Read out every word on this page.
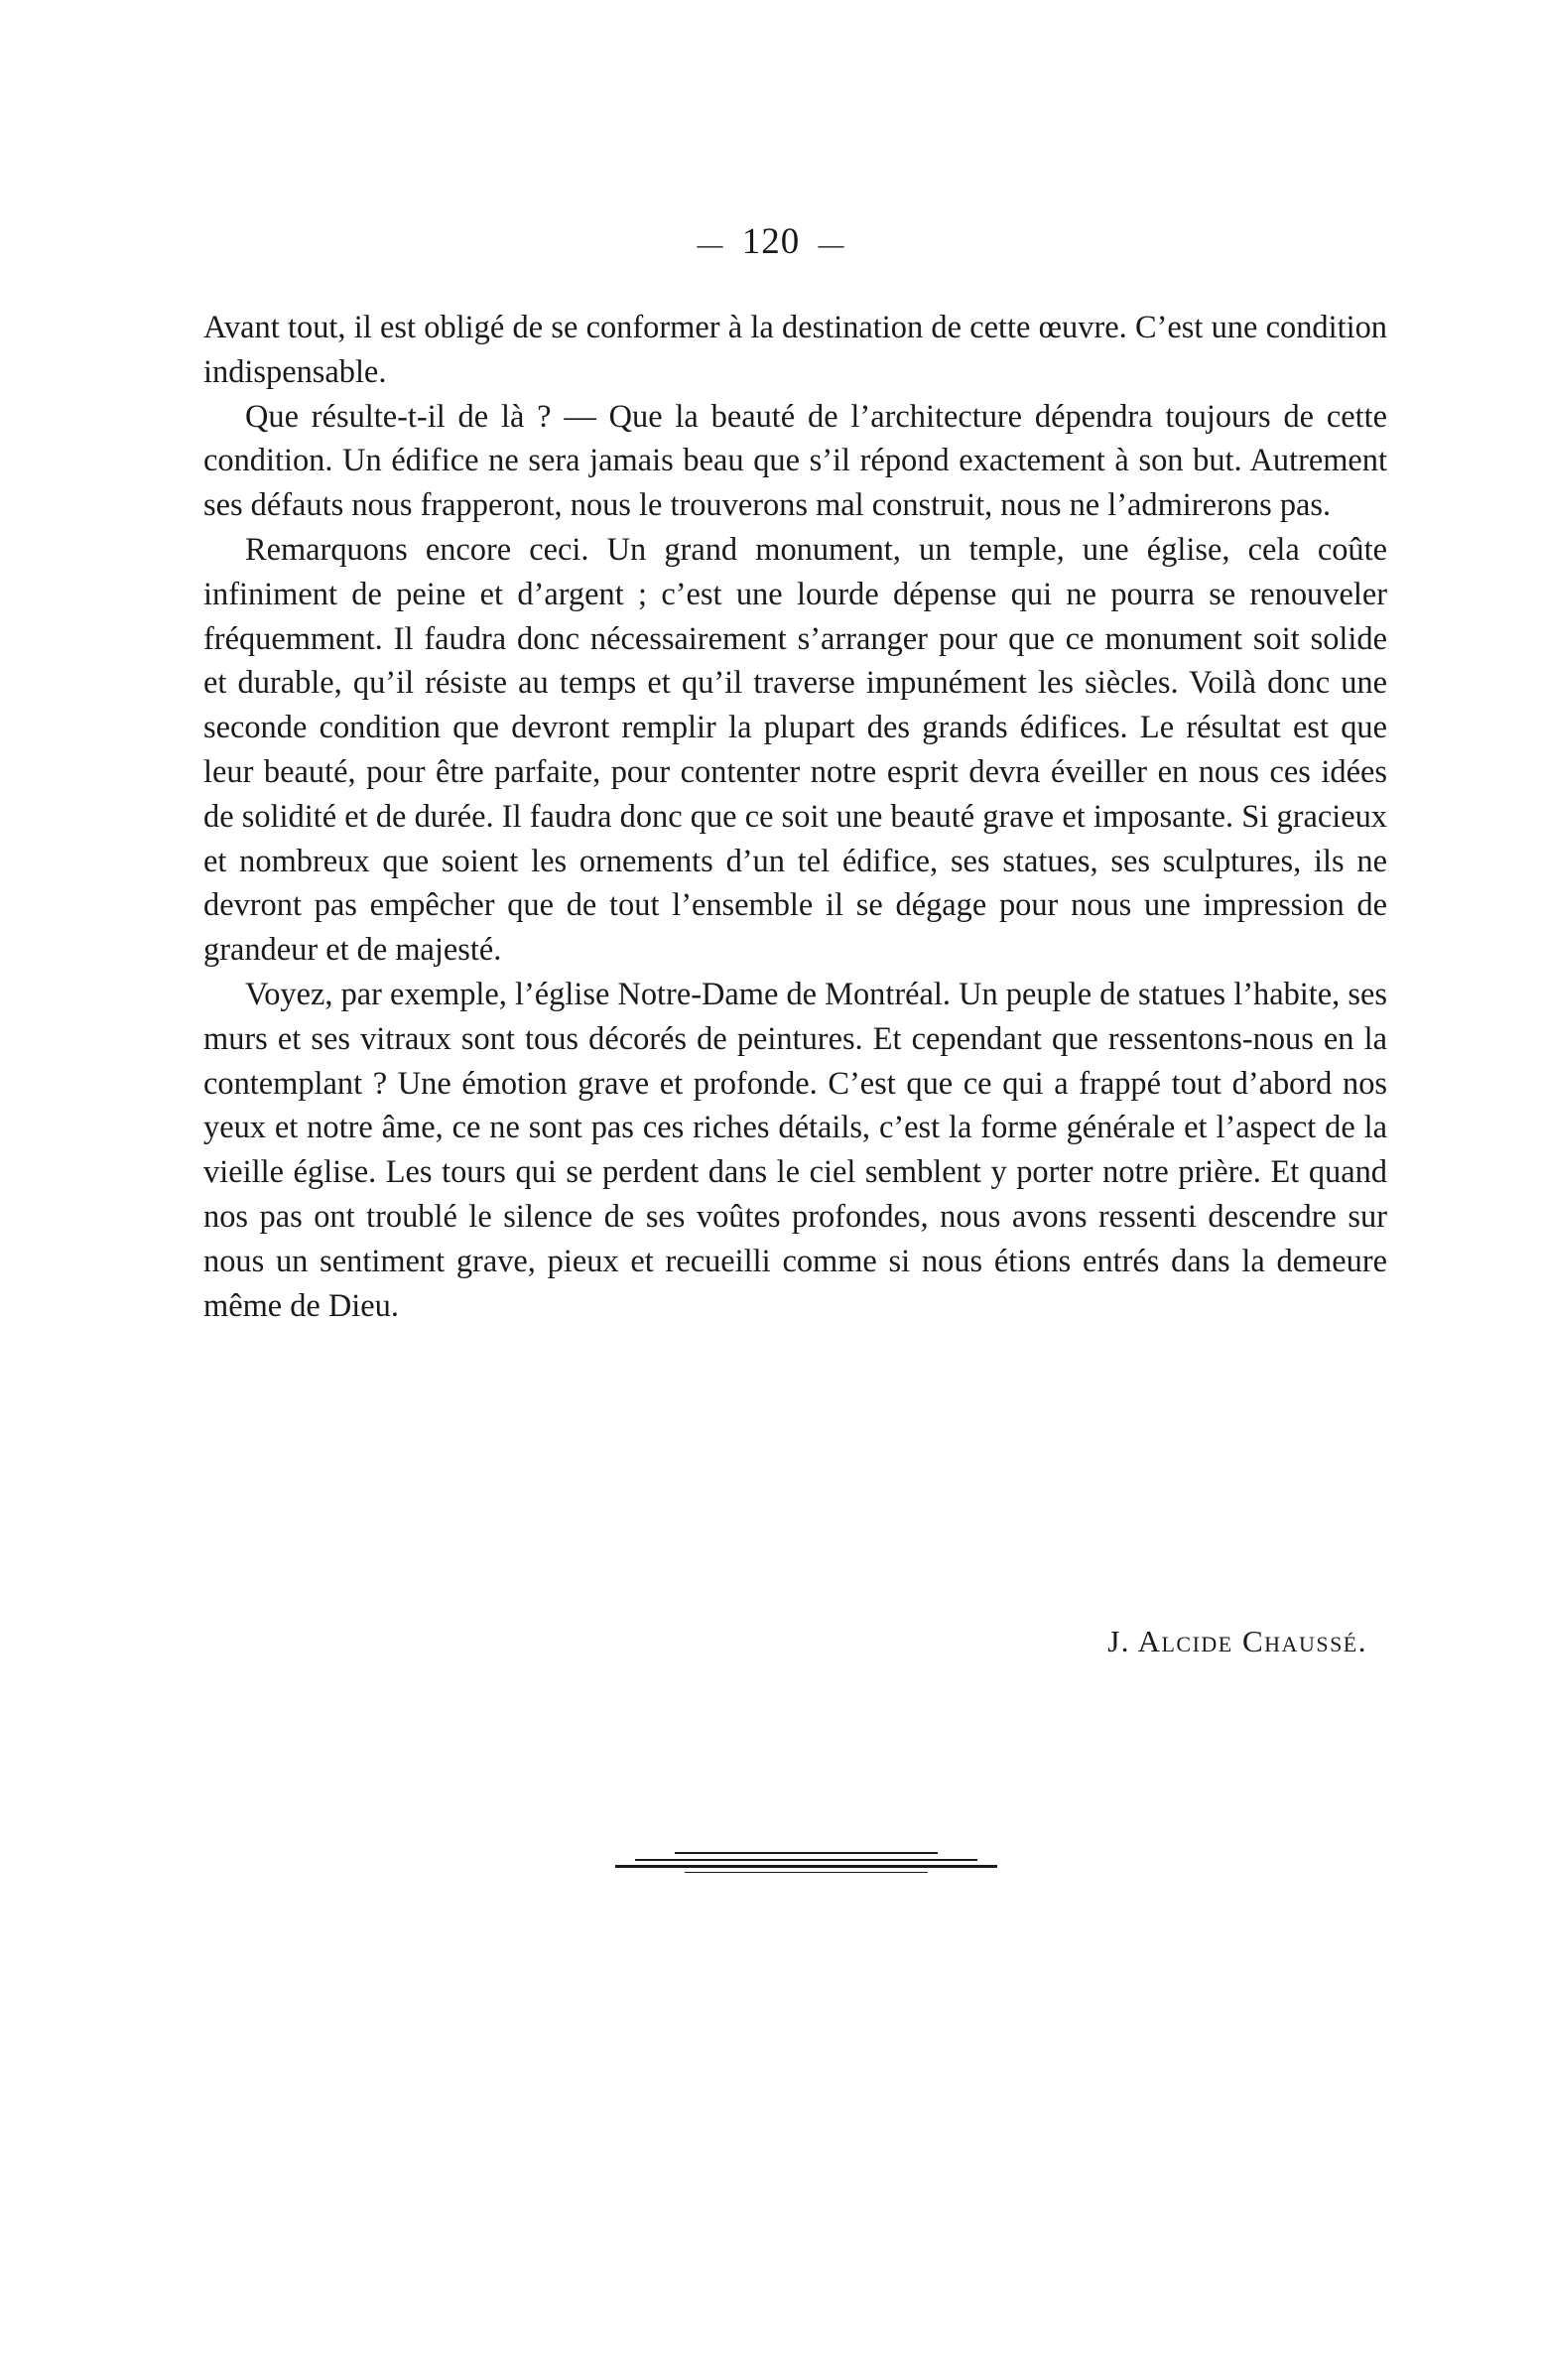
— 120 —

Avant tout, il est obligé de se conformer à la destination de cette œuvre. C’est une condition indispensable.

Que résulte-t-il de là ? — Que la beauté de l’architecture dépendra toujours de cette condition. Un édifice ne sera jamais beau que s’il répond exactement à son but. Autrement ses défauts nous frapperont, nous le trouverons mal construit, nous ne l’admirerons pas.

Remarquons encore ceci. Un grand monument, un temple, une église, cela coûte infiniment de peine et d’argent ; c’est une lourde dépense qui ne pourra se renouveler fréquemment. Il faudra donc nécessairement s’arranger pour que ce monument soit solide et durable, qu’il résiste au temps et qu’il traverse impunément les siècles. Voilà donc une seconde condition que devront remplir la plupart des grands édifices. Le résultat est que leur beauté, pour être parfaite, pour contenter notre esprit devra éveiller en nous ces idées de solidité et de durée. Il faudra donc que ce soit une beauté grave et imposante. Si gracieux et nombreux que soient les ornements d’un tel édifice, ses statues, ses sculptures, ils ne devront pas empêcher que de tout l’ensemble il se dégage pour nous une impression de grandeur et de majesté.

Voyez, par exemple, l’église Notre-Dame de Montréal. Un peuple de statues l’habite, ses murs et ses vitraux sont tous décorés de peintures. Et cependant que ressentons-nous en la contemplant ? Une émotion grave et profonde. C’est que ce qui a frappé tout d’abord nos yeux et notre âme, ce ne sont pas ces riches détails, c’est la forme générale et l’aspect de la vieille église. Les tours qui se perdent dans le ciel semblent y porter notre prière. Et quand nos pas ont troublé le silence de ses voûtes profondes, nous avons ressenti descendre sur nous un sentiment grave, pieux et recueilli comme si nous étions entrés dans la demeure même de Dieu.

J. Alcide Chaussé.
